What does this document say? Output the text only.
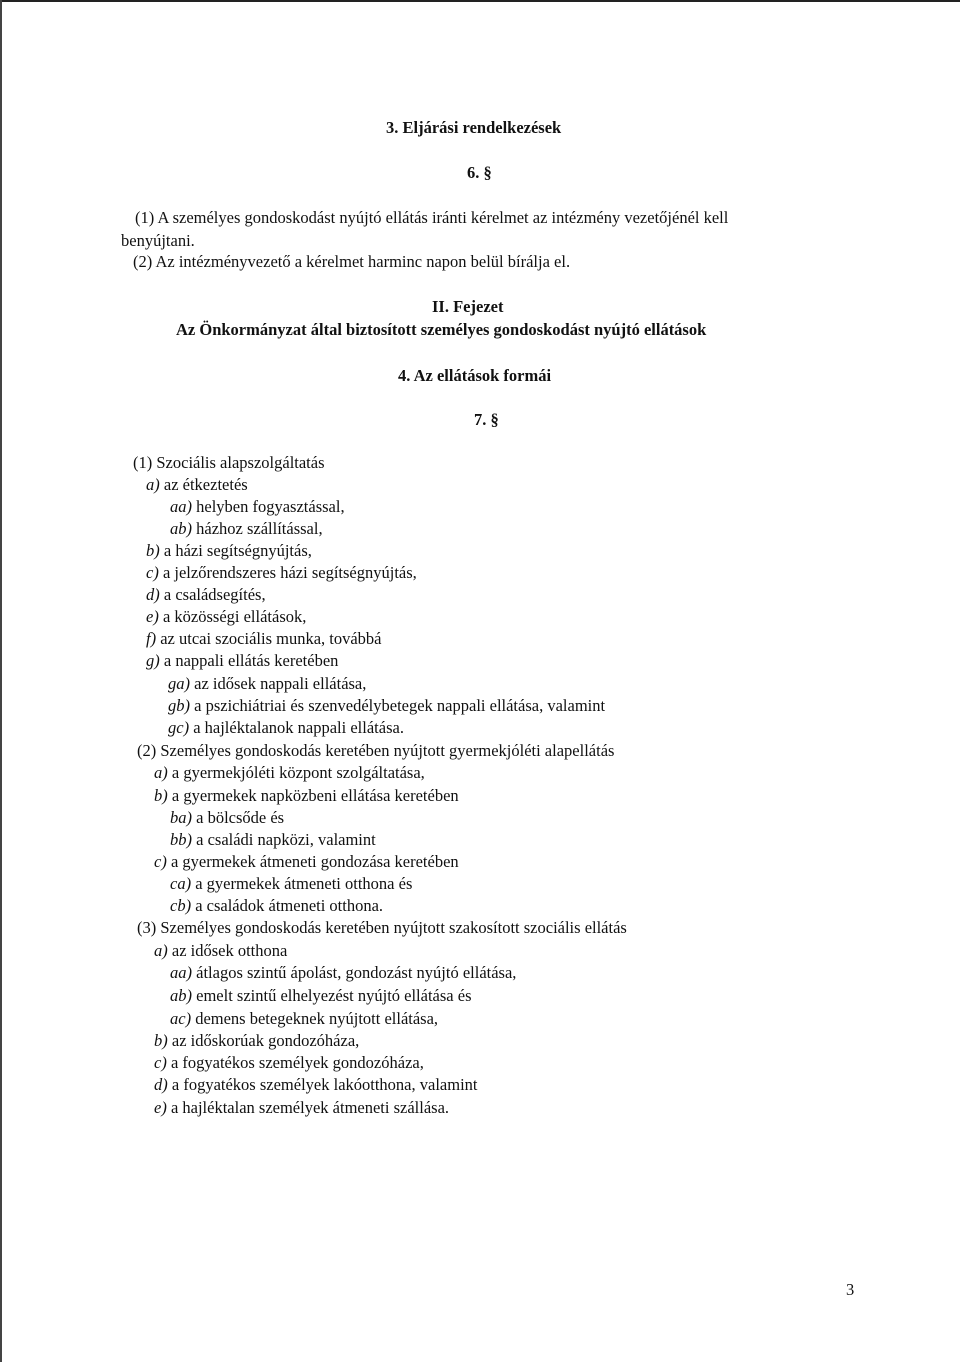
3. Eljárási rendelkezések
6. §
(1) A személyes gondoskodást nyújtó ellátás iránti kérelmet az intézmény vezetőjénél kell
benyújtani.
(2) Az intézményvezető a kérelmet harminc napon belül bírálja el.
II. Fejezet
Az Önkormányzat által biztosított személyes gondoskodást nyújtó ellátások
4. Az ellátások formái
7. §
(1) Szociális alapszolgáltatás
a) az étkeztetés
aa) helyben fogyasztással,
ab) házhoz szállítással,
b) a házi segítségnyújtás,
c) a jelzőrendszeres házi segítségnyújtás,
d) a családsegítés,
e) a közösségi ellátások,
f) az utcai szociális munka, továbbá
g) a nappali ellátás keretében
ga) az idősek nappali ellátása,
gb) a pszichiátriai és szenvedélybetegek nappali ellátása, valamint
gc) a hajléktalanok nappali ellátása.
(2) Személyes gondoskodás keretében nyújtott gyermekjóléti alapellátás
a) a gyermekjóléti központ szolgáltatása,
b) a gyermekek napközbeni ellátása keretében
ba) a bölcsőde és
bb) a családi napközi, valamint
c) a gyermekek átmeneti gondozása keretében
ca) a gyermekek átmeneti otthona és
cb) a családok átmeneti otthona.
(3) Személyes gondoskodás keretében nyújtott szakosított szociális ellátás
a) az idősek otthona
aa) átlagos szintű ápolást, gondozást nyújtó ellátása,
ab) emelt szintű elhelyezést nyújtó ellátása és
ac) demens betegeknek nyújtott ellátása,
b) az időskorúak gondozóháza,
c) a fogyatékos személyek gondozóháza,
d) a fogyatékos személyek lakóotthona, valamint
e) a hajléktalan személyek átmeneti szállása.
3
